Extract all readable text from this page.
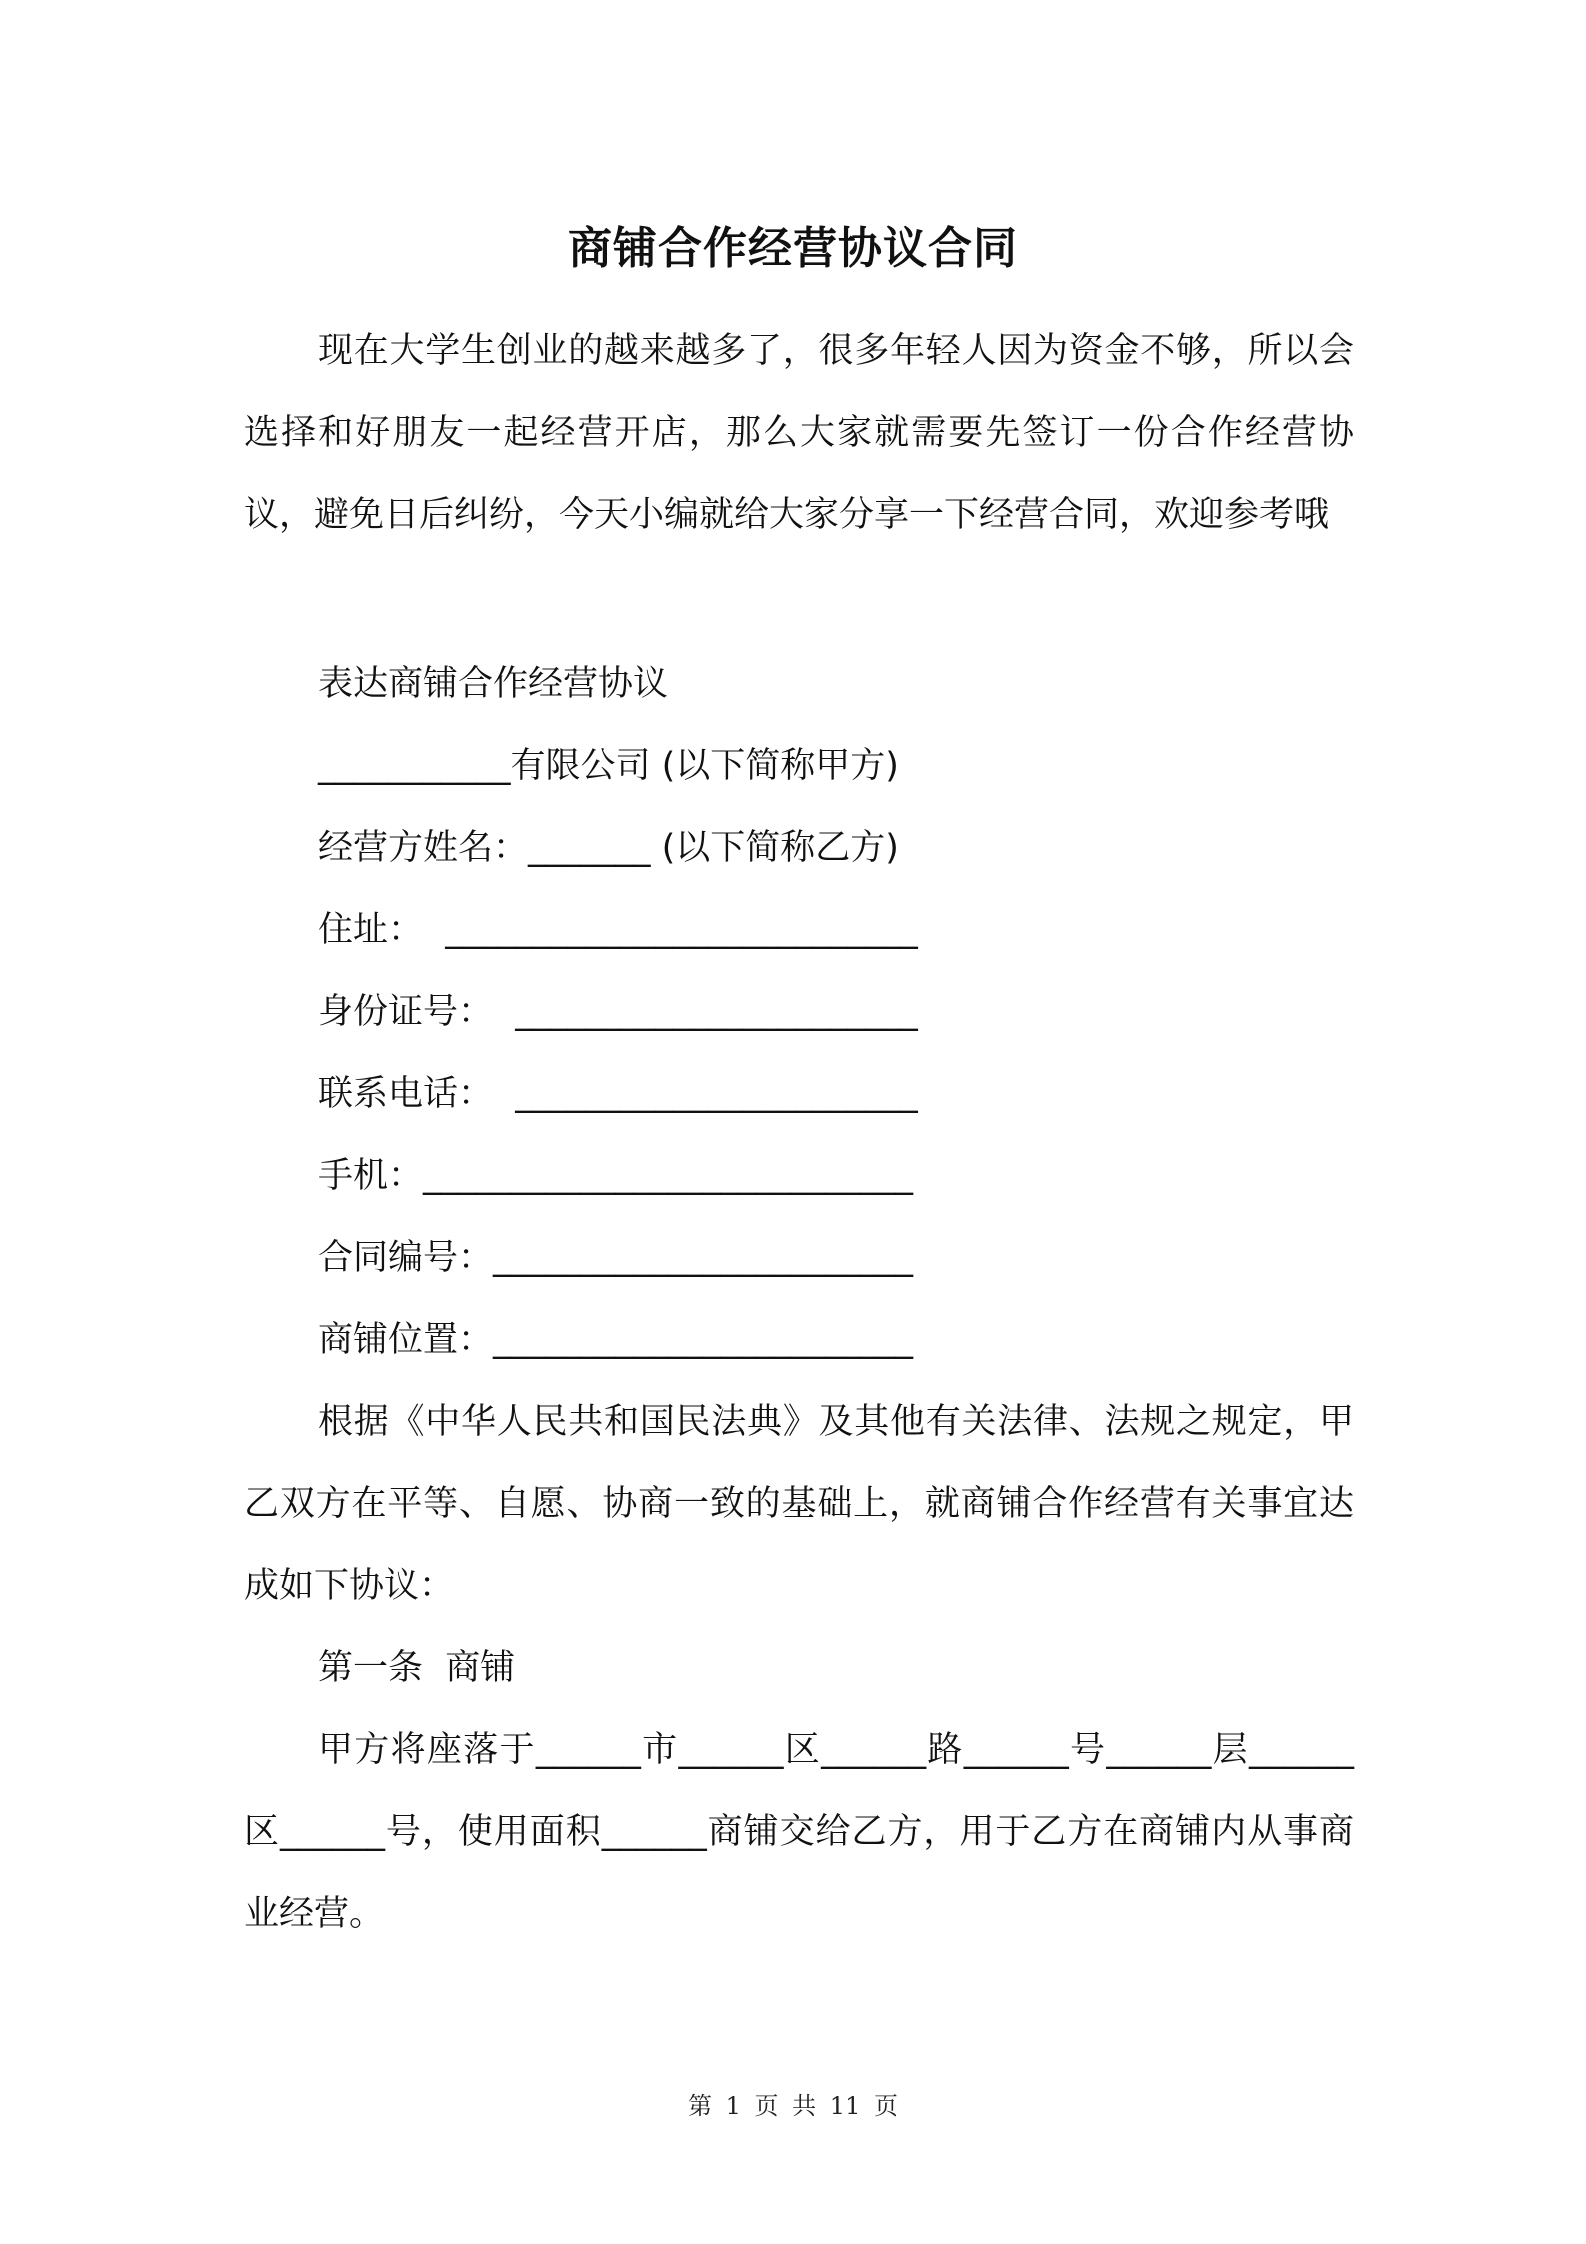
商铺合作经营协议合同

现在大学生创业的越来越多了，很多年轻人因为资金不够，所以会选择和好朋友一起经营开店，那么大家就需要先签订一份合作经营协议，避免日后纠纷，今天小编就给大家分享一下经营合同，欢迎参考哦

表达商铺合作经营协议

___________有限公司 (以下简称甲方)

经营方姓名：_______ (以下简称乙方)

住址：  ___________________________

身份证号：  _______________________

联系电话：  _______________________

手机：____________________________

合同编号：________________________

商铺位置：________________________

根据《中华人民共和国民法典》及其他有关法律、法规之规定，甲乙双方在平等、自愿、协商一致的基础上，就商铺合作经营有关事宜达成如下协议：

第一条  商铺

甲方将座落于______市______区______路______号______层______区______号，使用面积______商铺交给乙方，用于乙方在商铺内从事商业经营。

第 1 页 共 11 页
